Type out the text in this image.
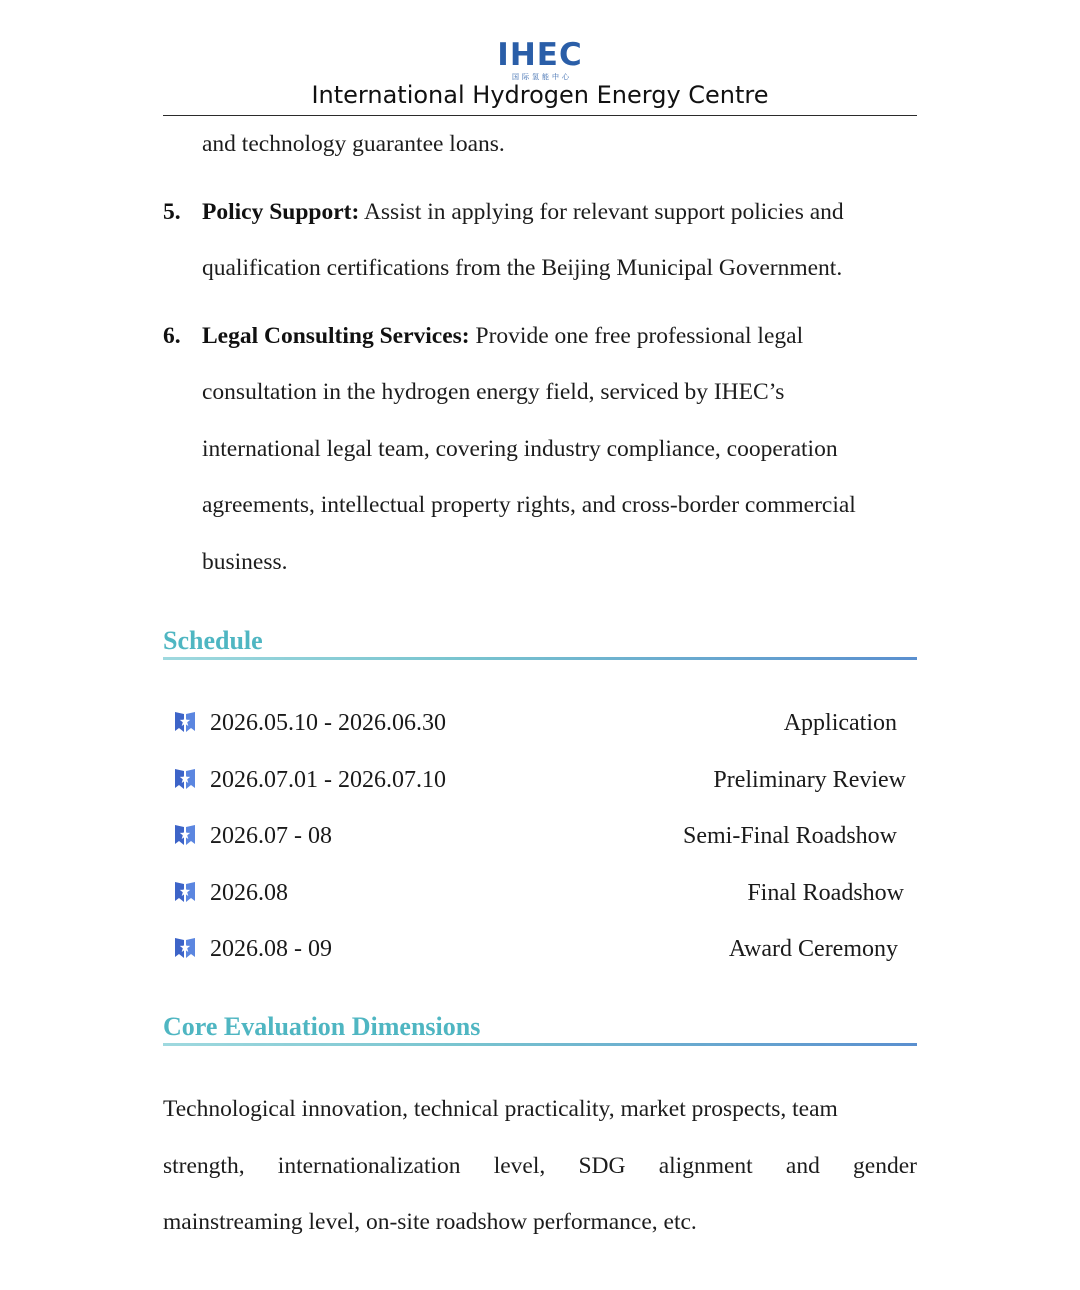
IHEC
国际氢能中心
International Hydrogen Energy Centre
and technology guarantee loans.
5. Policy Support: Assist in applying for relevant support policies and
qualification certifications from the Beijing Municipal Government.
6. Legal Consulting Services: Provide one free professional legal
consultation in the hydrogen energy field, serviced by IHEC’s
international legal team, covering industry compliance, cooperation
agreements, intellectual property rights, and cross-border commercial
business.
Schedule
2026.05.10 - 2026.06.30	Application
2026.07.01 - 2026.07.10	Preliminary Review
2026.07 - 08	Semi-Final Roadshow
2026.08	Final Roadshow
2026.08 - 09	Award Ceremony
Core Evaluation Dimensions
Technological innovation, technical practicality, market prospects, team
strength, internationalization level, SDG alignment and gender
mainstreaming level, on-site roadshow performance, etc.
